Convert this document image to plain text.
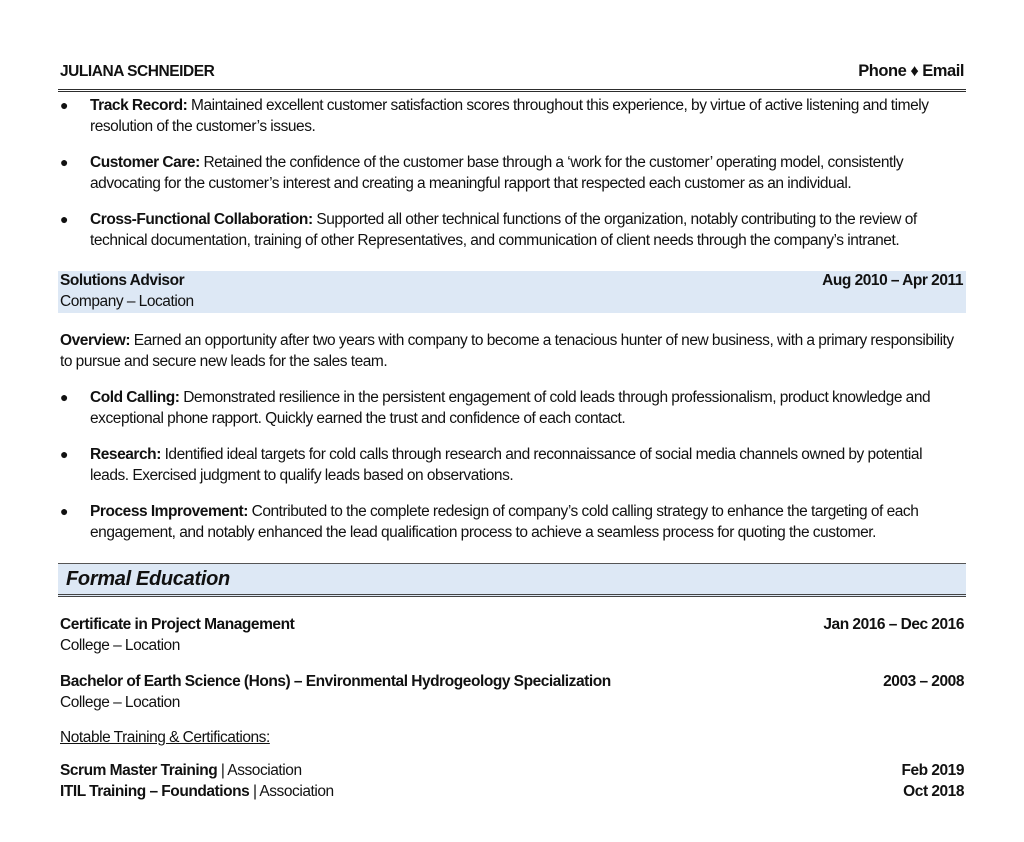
JULIANA SCHNEIDER	Phone ♦ Email
● Track Record: Maintained excellent customer satisfaction scores throughout this experience, by virtue of active listening and timely resolution of the customer’s issues.
● Customer Care: Retained the confidence of the customer base through a ‘work for the customer’ operating model, consistently advocating for the customer’s interest and creating a meaningful rapport that respected each customer as an individual.
● Cross-Functional Collaboration: Supported all other technical functions of the organization, notably contributing to the review of technical documentation, training of other Representatives, and communication of client needs through the company’s intranet.
Solutions Advisor	Aug 2010 – Apr 2011
Company – Location

Overview: Earned an opportunity after two years with company to become a tenacious hunter of new business, with a primary responsibility to pursue and secure new leads for the sales team.

● Cold Calling: Demonstrated resilience in the persistent engagement of cold leads through professionalism, product knowledge and exceptional phone rapport. Quickly earned the trust and confidence of each contact.
● Research: Identified ideal targets for cold calls through research and reconnaissance of social media channels owned by potential leads. Exercised judgment to qualify leads based on observations.
● Process Improvement: Contributed to the complete redesign of company’s cold calling strategy to enhance the targeting of each engagement, and notably enhanced the lead qualification process to achieve a seamless process for quoting the customer.
Formal Education
Certificate in Project Management	Jan 2016 – Dec 2016
College – Location
Bachelor of Earth Science (Hons) – Environmental Hydrogeology Specialization	2003 – 2008
College – Location
Notable Training & Certifications:
Scrum Master Training | Association	Feb 2019
ITIL Training – Foundations | Association	Oct 2018
